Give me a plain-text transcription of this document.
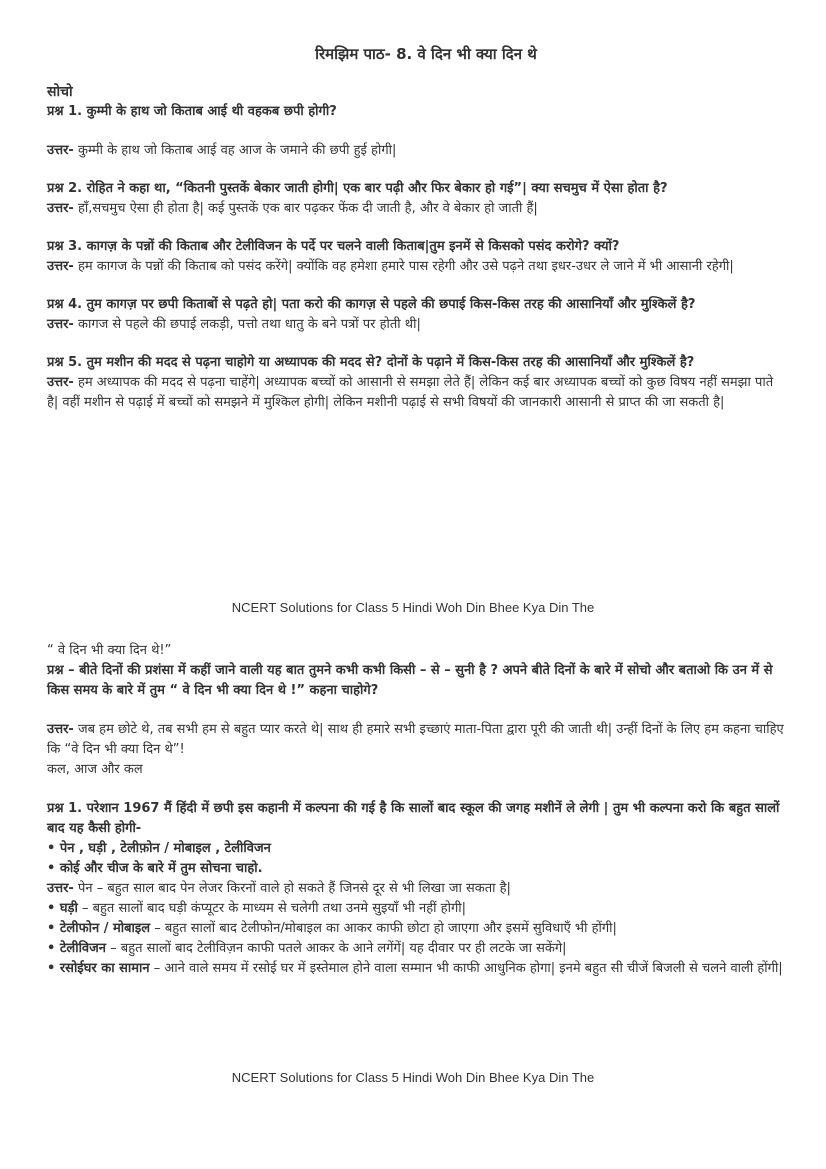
रिमझिम पाठ- 8. वे दिन भी क्या दिन थे
सोचो
प्रश्न 1. कुम्मी के हाथ जो किताब आई थी वहकब छपी होगी?
उत्तर- कुम्मी के हाथ जो किताब आई वह आज के जमाने की छपी हुई होगी|
प्रश्न 2. रोहित ने कहा था, “कितनी पुस्तकें बेकार जाती होगी| एक बार पढ़ी और फिर बेकार हो गई”| क्या सचमुच में ऐसा होता है?
उत्तर- हाँ,सचमुच ऐसा ही होता है| कई पुस्तकें एक बार पढ़कर फेंक दी जाती है, और वे बेकार हो जाती हैं|
प्रश्न 3. कागज़ के पन्नों की किताब और टेलीविजन के पर्दे पर चलने वाली किताब|तुम इनमें से किसको पसंद करोगे? क्यों?
उत्तर- हम कागज के पन्नों की किताब को पसंद करेंगे| क्योंकि वह हमेशा हमारे पास रहेगी और उसे पढ़ने तथा इधर-उधर ले जाने में भी आसानी रहेगी|
प्रश्न 4. तुम कागज़ पर छपी किताबों से पढ़ते हो| पता करो की कागज़ से पहले की छपाई किस-किस तरह की आसानियाँ और मुश्किलें है?
उत्तर- कागज से पहले की छपाई लकड़ी, पत्तो तथा धातु के बने पत्रों पर होती थी|
प्रश्न 5. तुम मशीन की मदद से पढ़ना चाहोगे या अध्यापक की मदद से? दोनों के पढ़ाने में किस-किस तरह की आसानियाँ और मुश्किलें है?
उत्तर- हम अध्यापक की मदद से पढ़ना चाहेंगे| अध्यापक बच्चों को आसानी से समझा लेते हैं| लेकिन कई बार अध्यापक बच्चों को कुछ विषय नहीं समझा पाते है| वहीं मशीन से पढ़ाई में बच्चों को समझने में मुश्किल होगी| लेकिन मशीनी पढ़ाई से सभी विषयों की जानकारी आसानी से प्राप्त की जा सकती है|
NCERT Solutions for Class 5 Hindi Woh Din Bhee Kya Din The
“ वे दिन भी क्या दिन थे!”
प्रश्न – बीते दिनों की प्रशंसा में कहीं जाने वाली यह बात तुमने कभी कभी किसी – से – सुनी है ? अपने बीते दिनों के बारे में सोचो और बताओ कि उन में से किस समय के बारे में तुम “ वे दिन भी क्या दिन थे !” कहना चाहोगे?
उत्तर- जब हम छोटे थे, तब सभी हम से बहुत प्यार करते थे| साथ ही हमारे सभी इच्छाएं माता-पिता द्वारा पूरी की जाती थी| उन्हीं दिनों के लिए हम कहना चाहिए कि “वे दिन भी क्या दिन थे”!
कल, आज और कल
प्रश्न 1. परेशान 1967 मैं हिंदी में छपी इस कहानी में कल्पना की गई है कि सालों बाद स्कूल की जगह मशीनें ले लेगी | तुम भी कल्पना करो कि बहुत सालों बाद यह कैसी होगी-
• पेन , घड़ी , टेलीफ़ोन / मोबाइल , टेलीविजन
• कोई और चीज के बारे में तुम सोचना चाहो.
उत्तर- पेन – बहुत साल बाद पेन लेजर किरनों वाले हो सकते हैं जिनसे दूर से भी लिखा जा सकता है|
• घड़ी – बहुत सालों बाद घड़ी कंप्यूटर के माध्यम से चलेगी तथा उनमे सुइयाँ भी नहीं होगी|
• टेलीफोन / मोबाइल – बहुत सालों बाद टेलीफोन/मोबाइल का आकर काफी छोटा हो जाएगा और इसमें सुविधाएँ भी होंगी|
• टेलीविजन – बहुत सालों बाद टेलीविज़न काफी पतले आकर के आने लगेंगें| यह दीवार पर ही लटके जा सकेंगे|
• रसोईघर का सामान – आने वाले समय में रसोई घर में इस्तेमाल होने वाला सम्मान भी काफी आधुनिक होगा| इनमे बहुत सी चीजें बिजली से चलने वाली होंगी|
NCERT Solutions for Class 5 Hindi Woh Din Bhee Kya Din The
